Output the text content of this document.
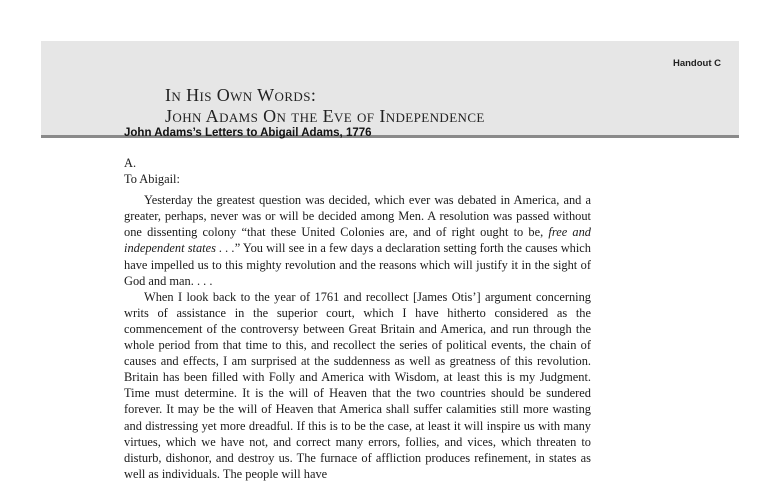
Handout C
In His Own Words:
John Adams On the Eve of Independence
John Adams’s Letters to Abigail Adams, 1776

A.

To Abigail:

Yesterday the greatest question was decided, which ever was debated in America, and a greater, perhaps, never was or will be decided among Men. A resolution was passed without one dissenting colony “that these United Colonies are, and of right ought to be, free and independent states . . .” You will see in a few days a declaration setting forth the causes which have impelled us to this mighty revolution and the reasons which will justify it in the sight of God and man. . . .

When I look back to the year of 1761 and recollect [James Otis’] argument concerning writs of assistance in the superior court, which I have hitherto considered as the commencement of the controversy between Great Britain and America, and run through the whole period from that time to this, and recollect the series of political events, the chain of causes and effects, I am surprised at the suddenness as well as greatness of this revolution. Britain has been filled with Folly and America with Wisdom, at least this is my Judgment. Time must determine. It is the will of Heaven that the two countries should be sundered forever. It may be the will of Heaven that America shall suffer calamities still more wasting and distressing yet more dreadful. If this is to be the case, at least it will inspire us with many virtues, which we have not, and correct many errors, follies, and vices, which threaten to disturb, dishonor, and destroy us. The furnace of affliction produces refinement, in states as well as individuals. The people will have
